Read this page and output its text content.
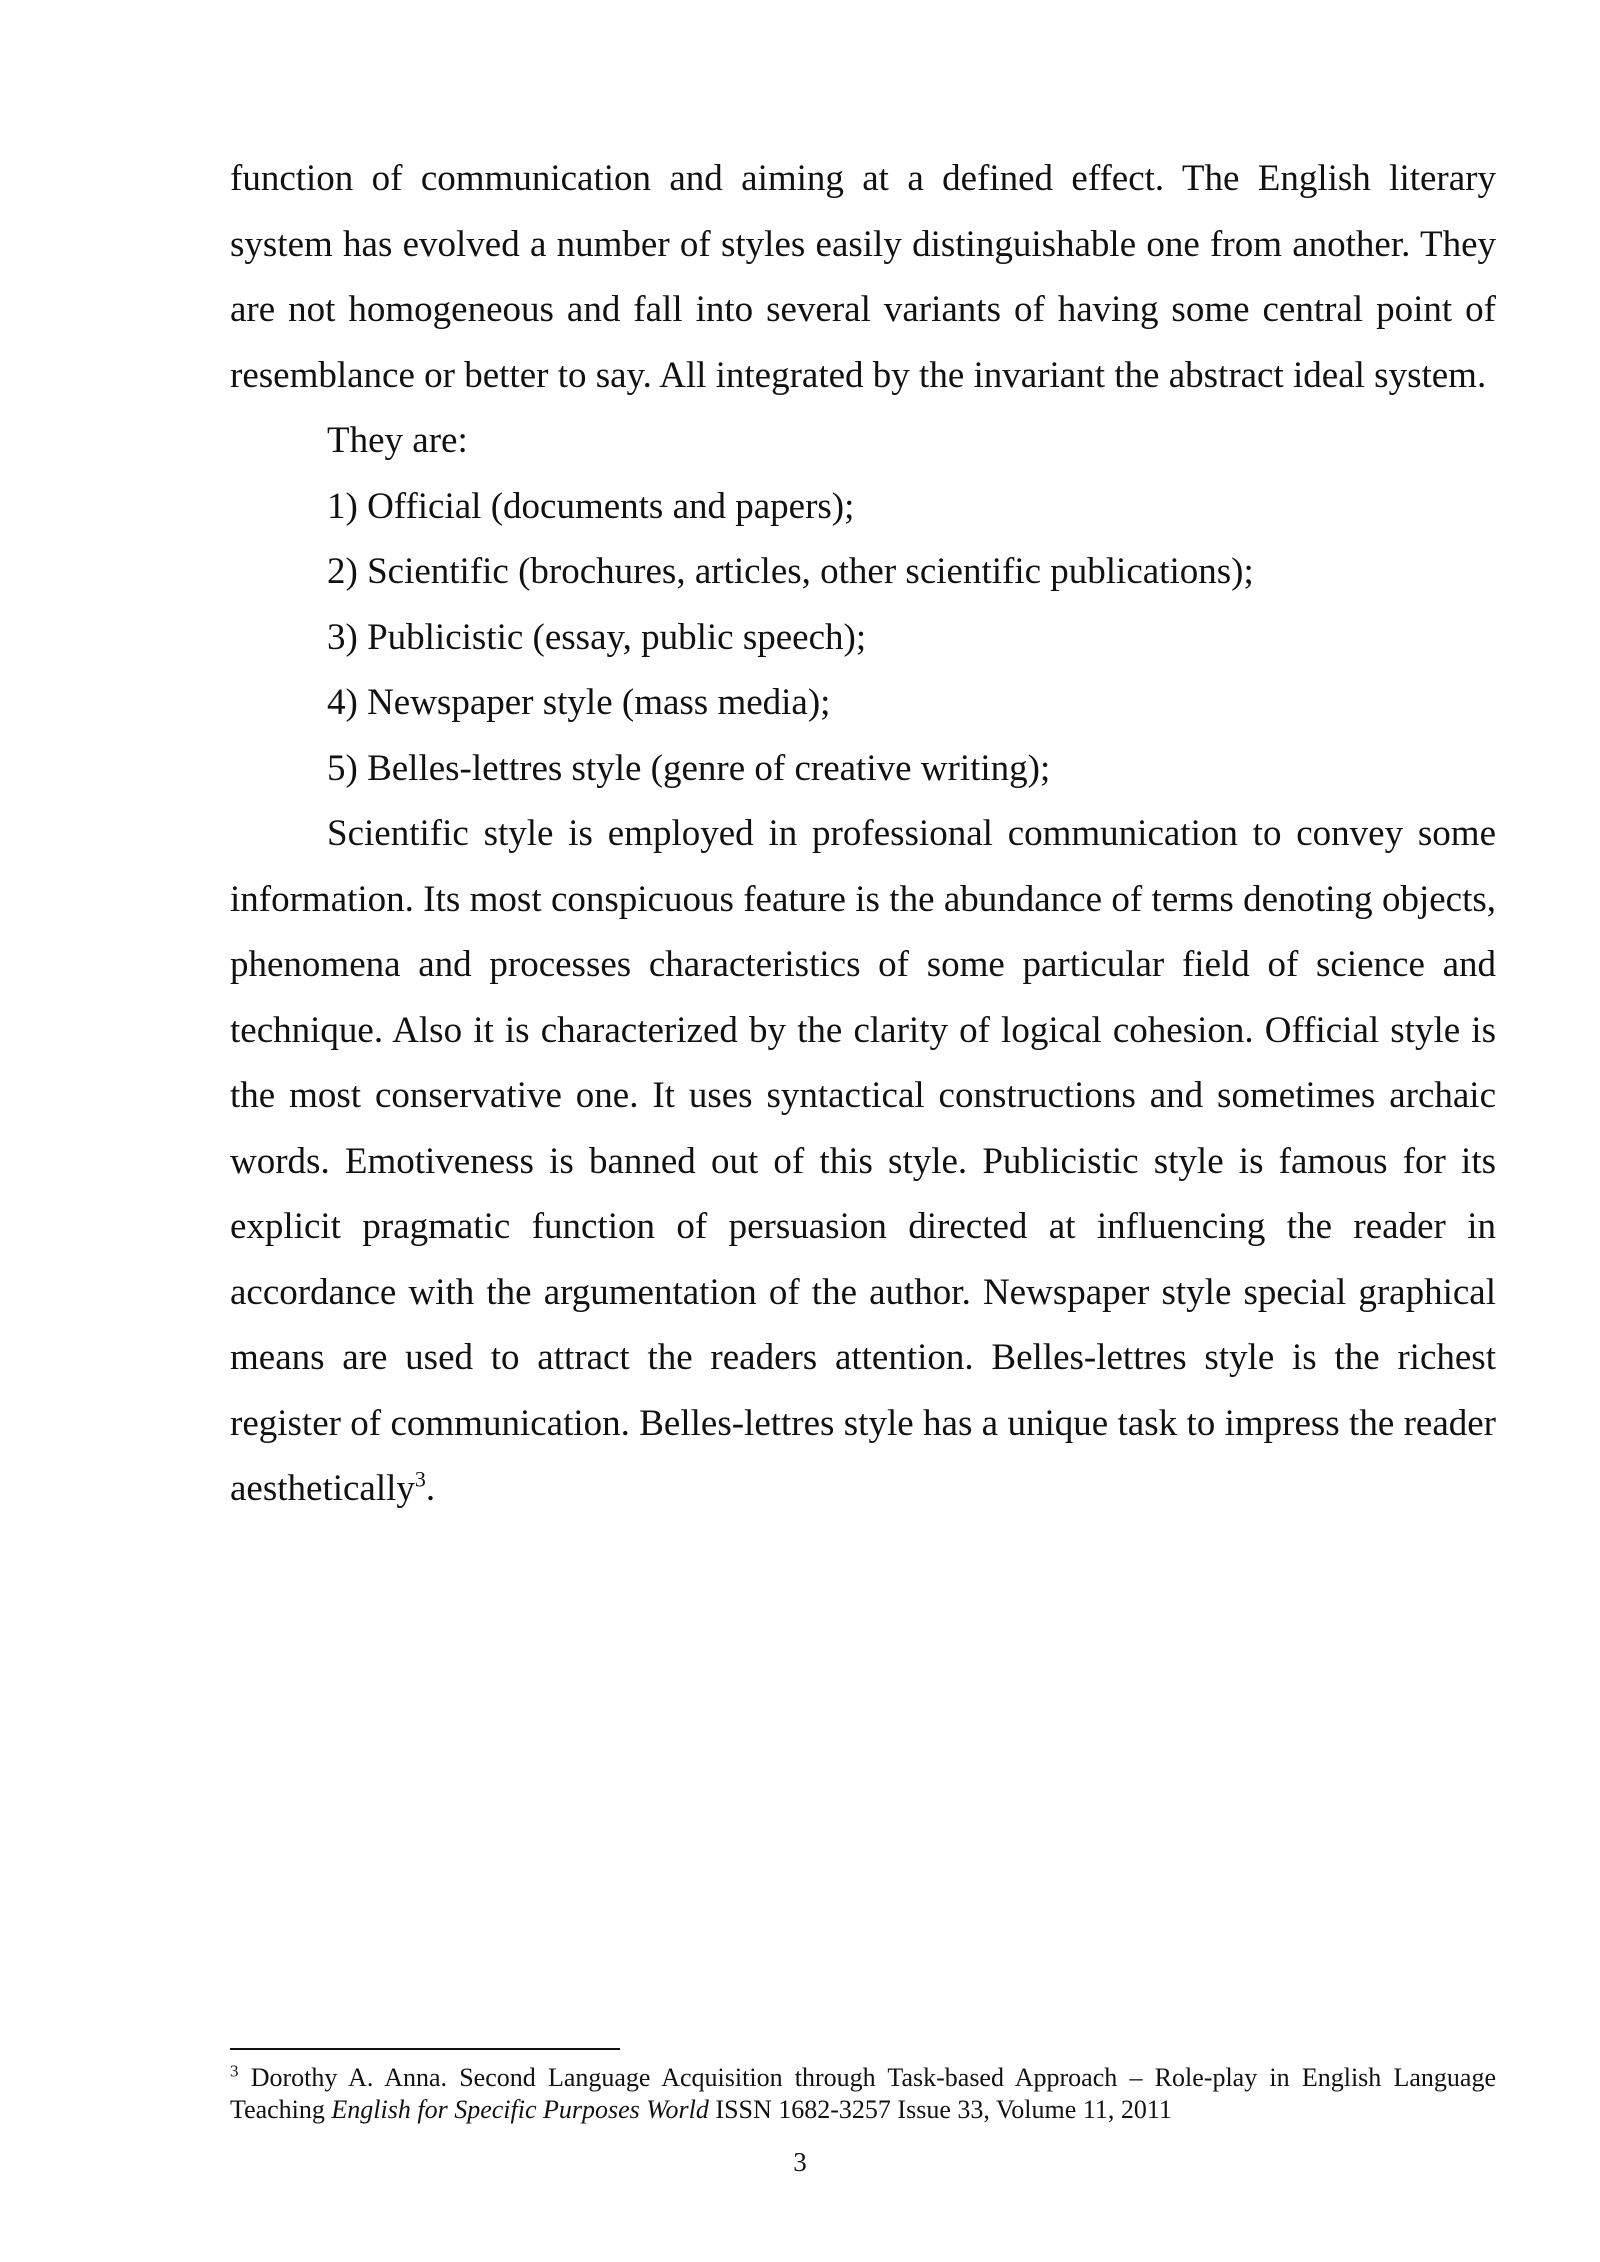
function of communication and aiming at a defined effect. The English literary system has evolved a number of styles easily distinguishable one from another. They are not homogeneous and fall into several variants of having some central point of resemblance or better to say. All integrated by the invariant the abstract ideal system.

They are:

1) Official (documents and papers);

2) Scientific (brochures, articles, other scientific publications);

3) Publicistic (essay, public speech);

4) Newspaper style (mass media);

5) Belles-lettres style (genre of creative writing);

Scientific style is employed in professional communication to convey some information. Its most conspicuous feature is the abundance of terms denoting objects, phenomena and processes characteristics of some particular field of science and technique. Also it is characterized by the clarity of logical cohesion. Official style is the most conservative one. It uses syntactical constructions and sometimes archaic words. Emotiveness is banned out of this style. Publicistic style is famous for its explicit pragmatic function of persuasion directed at influencing the reader in accordance with the argumentation of the author. Newspaper style special graphical means are used to attract the readers attention. Belles-lettres style is the richest register of communication. Belles-lettres style has a unique task to impress the reader aesthetically$^3$.

$^3$ Dorothy A. Anna. Second Language Acquisition through Task-based Approach – Role-play in English Language Teaching English for Specific Purposes World ISSN 1682-3257 Issue 33, Volume 11, 2011
3
